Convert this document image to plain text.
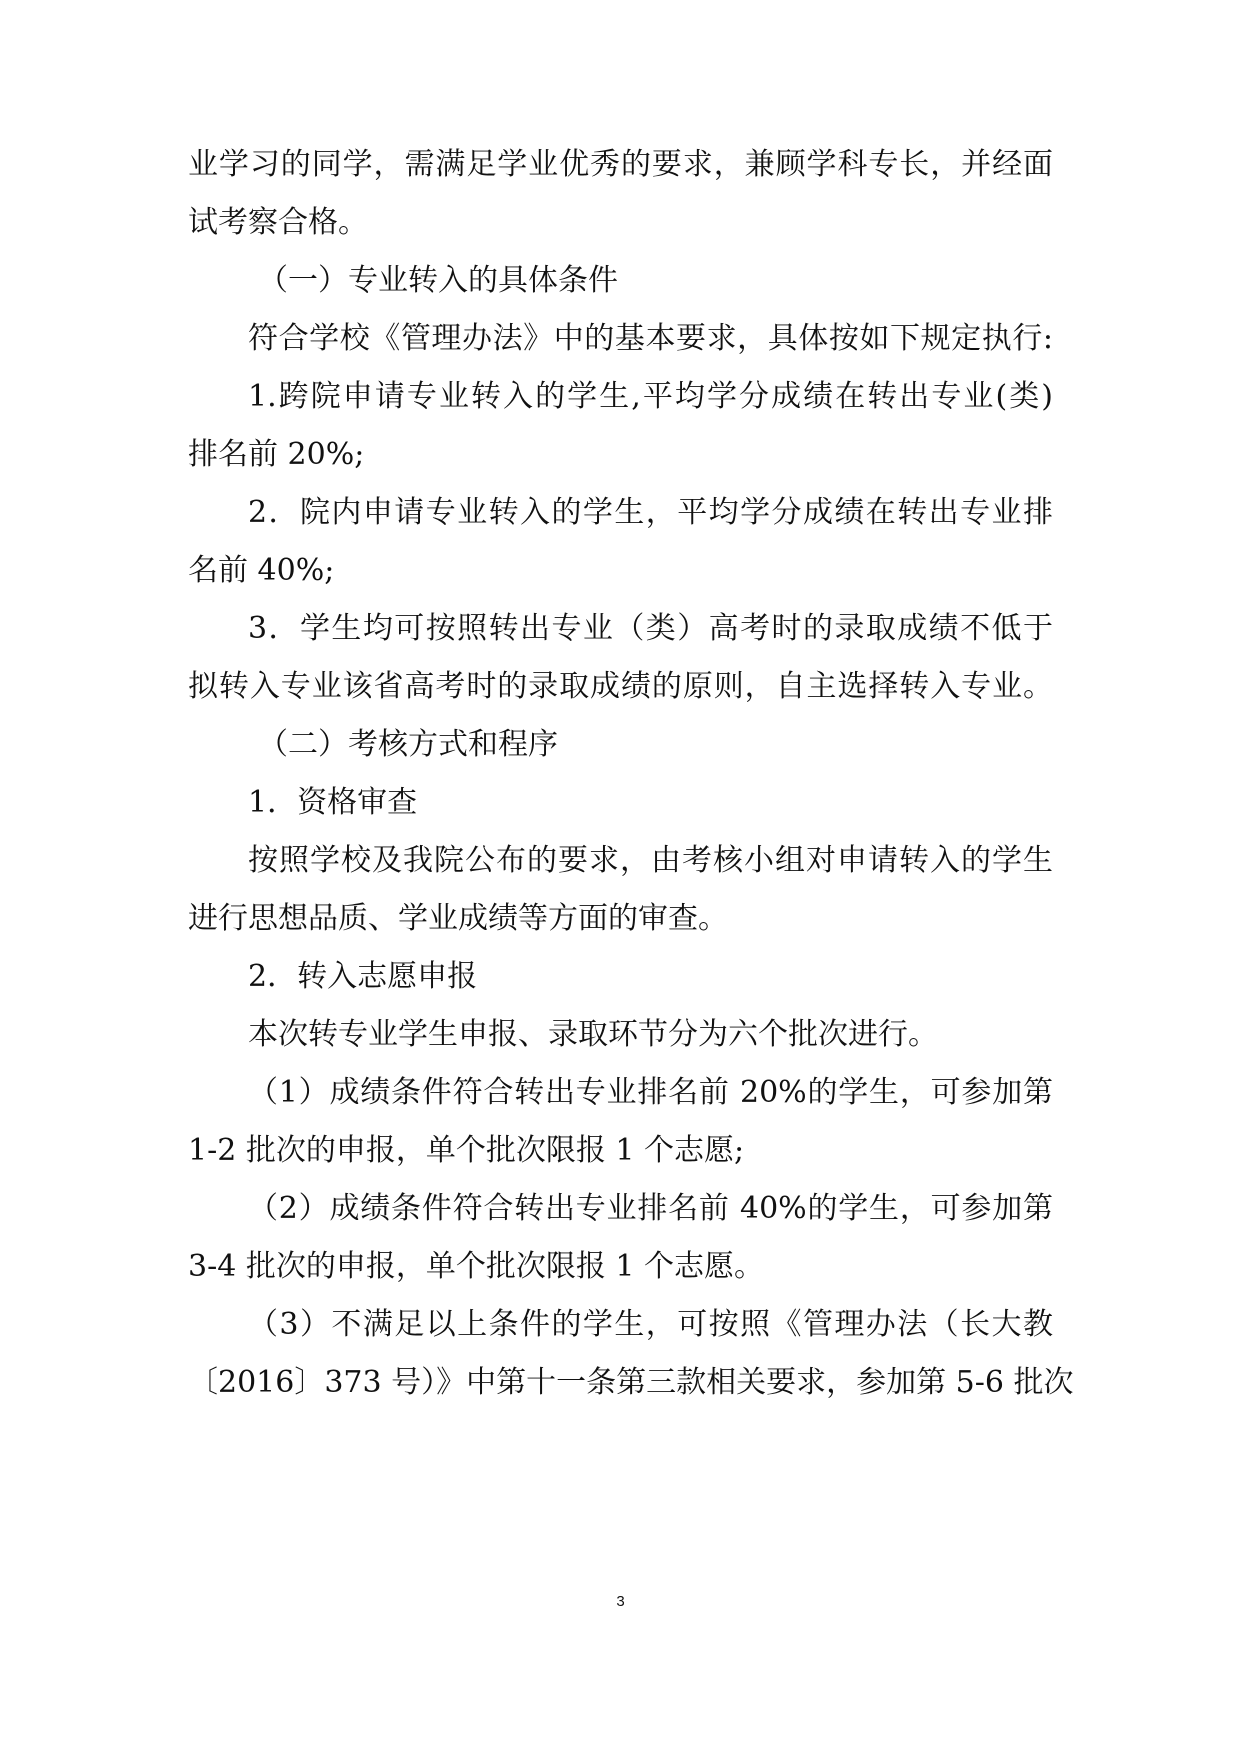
业学习的同学，需满足学业优秀的要求，兼顾学科专长，并经面
试考察合格。
（一）专业转入的具体条件
符合学校《管理办法》中的基本要求，具体按如下规定执行:
1.跨院申请专业转入的学生,平均学分成绩在转出专业(类)
排名前 20%;
2．院内申请专业转入的学生，平均学分成绩在转出专业排
名前 40%;
3．学生均可按照转出专业（类）高考时的录取成绩不低于
拟转入专业该省高考时的录取成绩的原则，自主选择转入专业。
（二）考核方式和程序
1．资格审查
按照学校及我院公布的要求，由考核小组对申请转入的学生
进行思想品质、学业成绩等方面的审查。
2．转入志愿申报
本次转专业学生申报、录取环节分为六个批次进行。
（1）成绩条件符合转出专业排名前 20%的学生，可参加第
1-2 批次的申报，单个批次限报 1 个志愿;
（2）成绩条件符合转出专业排名前 40%的学生，可参加第
3-4 批次的申报，单个批次限报 1 个志愿。
（3）不满足以上条件的学生，可按照《管理办法（长大教
〔2016〕373 号）》中第十一条第三款相关要求，参加第 5-6 批次
3
